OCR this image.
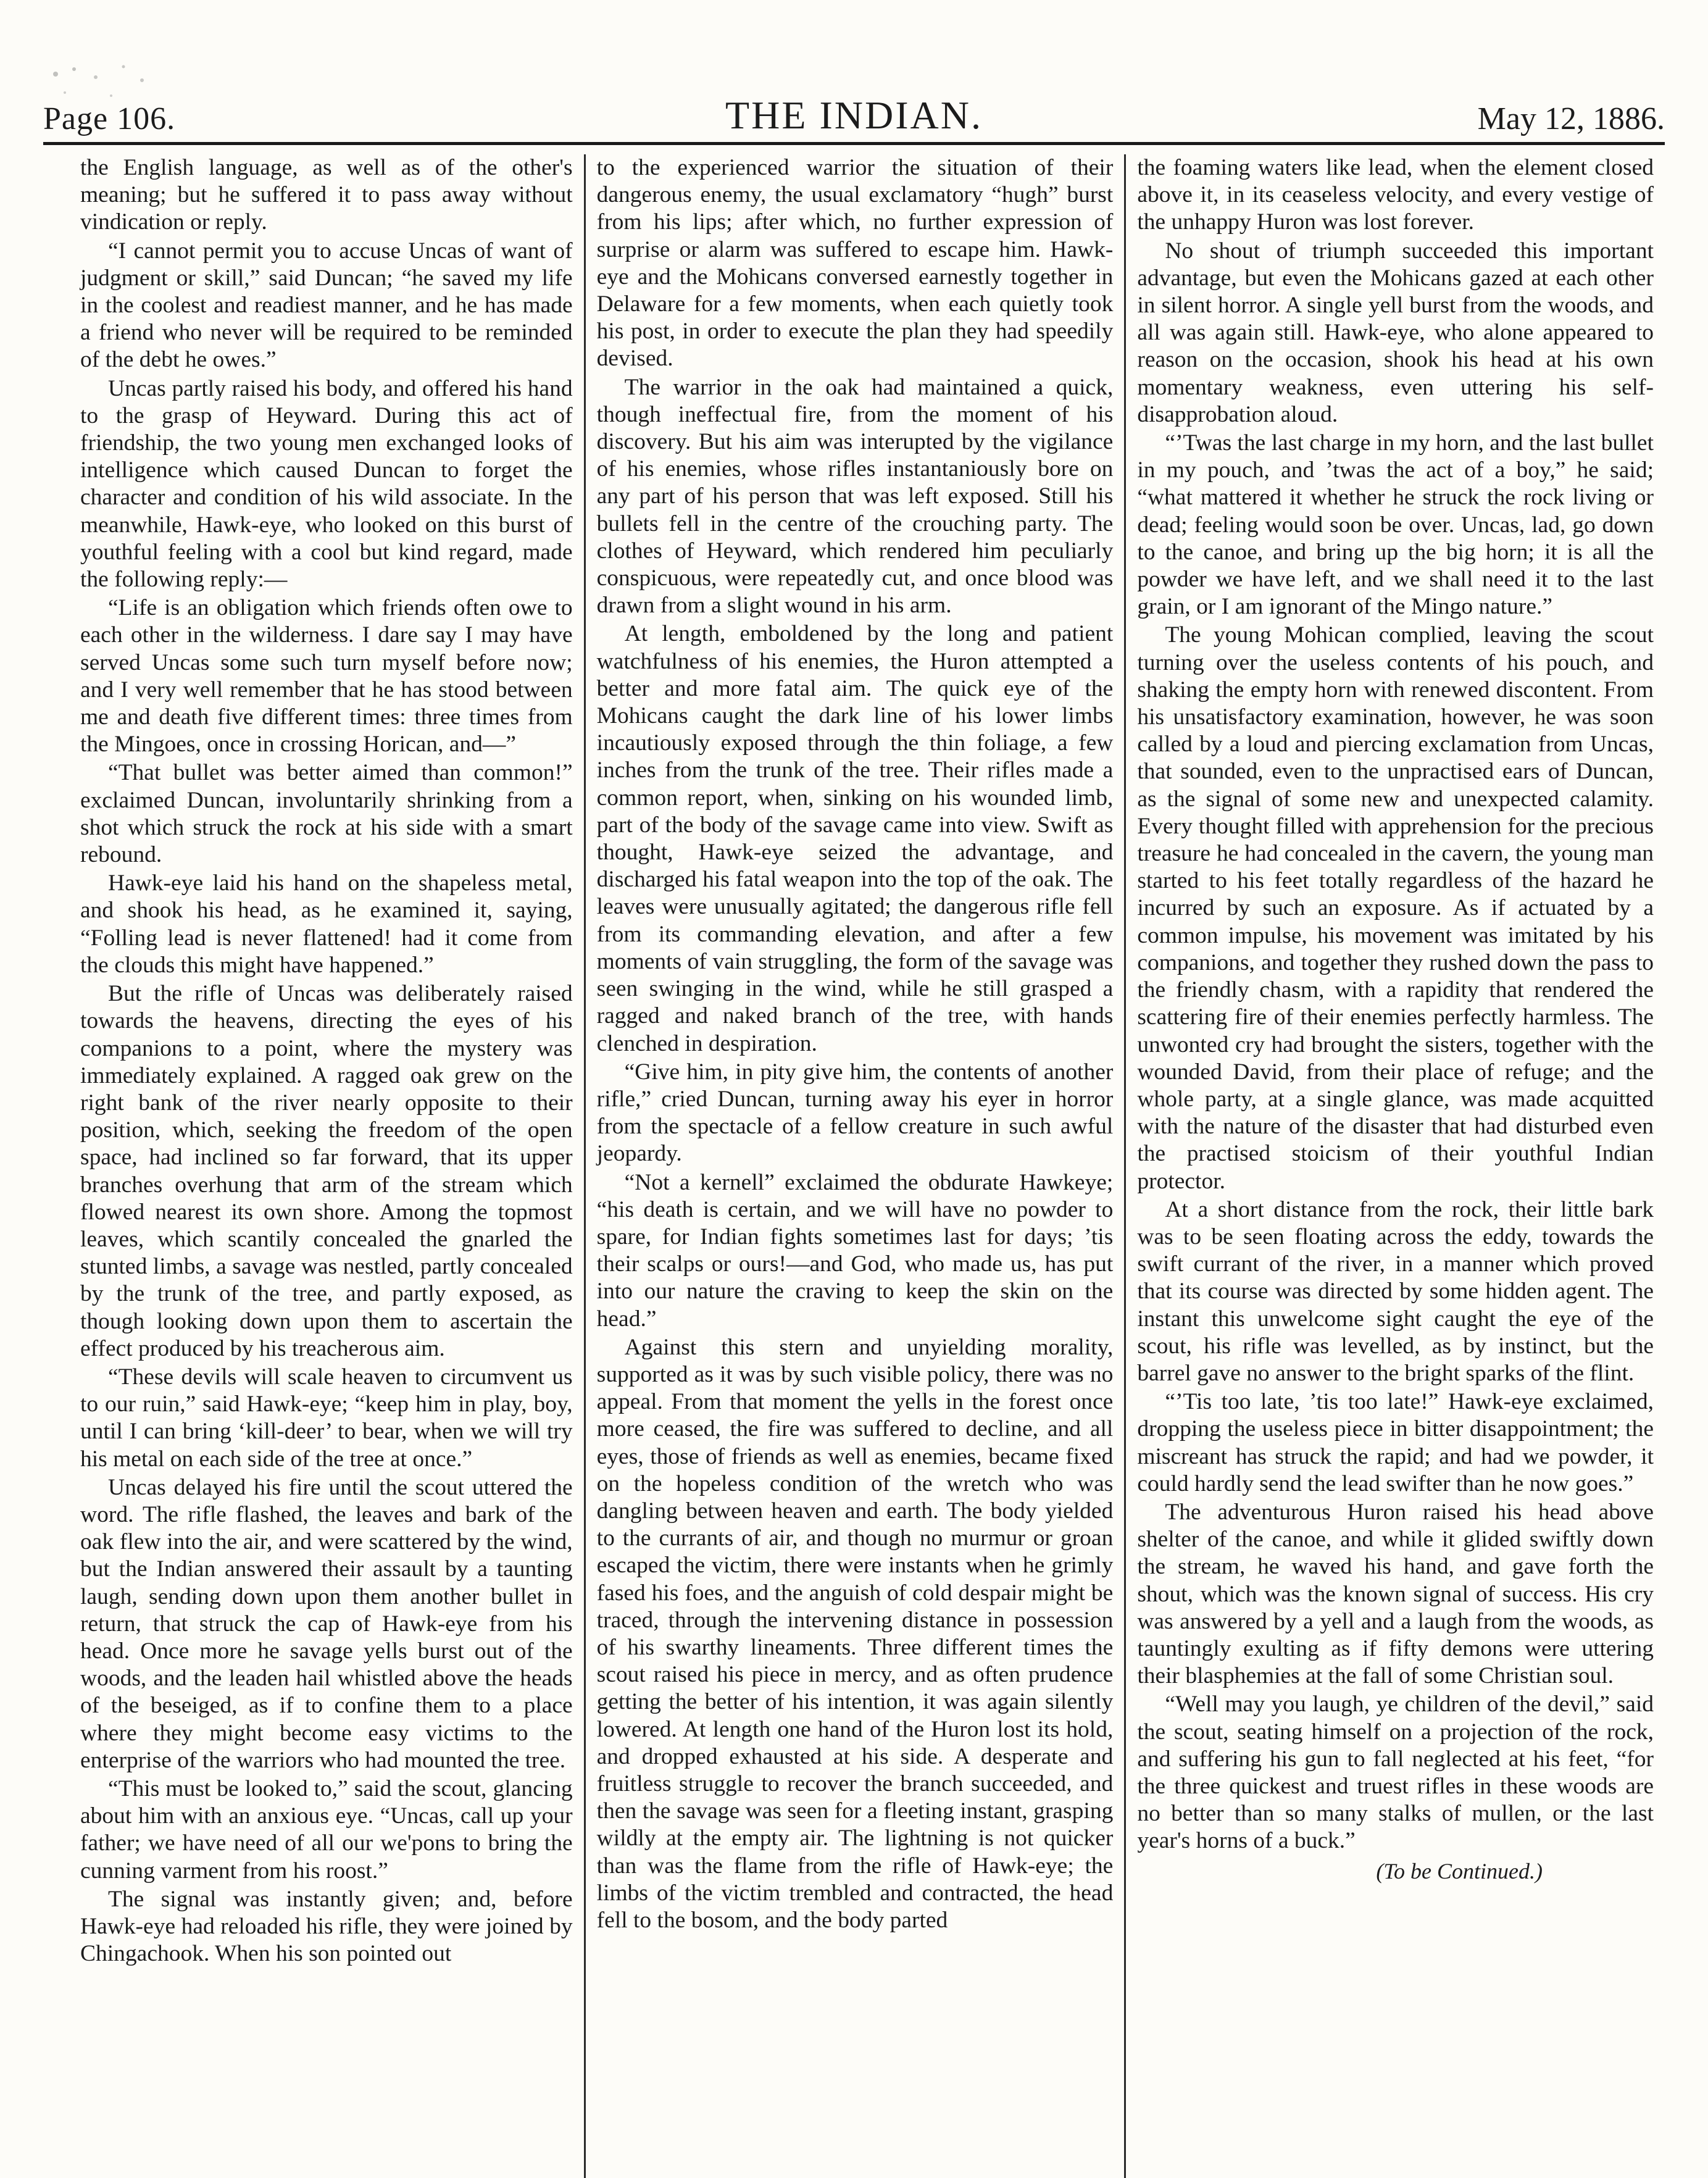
Page 106.	THE INDIAN.	May 12, 1886.

the English language, as well as of the other's meaning; but he suffered it to pass away without vindication or reply.

“I cannot permit you to accuse Uncas of want of judgment or skill,” said Duncan; “he saved my life in the coolest and readiest manner, and he has made a friend who never will be required to be reminded of the debt he owes.”

Uncas partly raised his body, and offered his hand to the grasp of Heyward. During this act of friendship, the two young men exchanged looks of intelligence which caused Duncan to forget the character and condition of his wild associate. In the meanwhile, Hawk-eye, who looked on this burst of youthful feeling with a cool but kind regard, made the following reply:—

“Life is an obligation which friends often owe to each other in the wilderness. I dare say I may have served Uncas some such turn myself before now; and I very well remember that he has stood between me and death five different times: three times from the Mingoes, once in crossing Horican, and—”

“That bullet was better aimed than common!” exclaimed Duncan, involuntarily shrinking from a shot which struck the rock at his side with a smart rebound.

Hawk-eye laid his hand on the shapeless metal, and shook his head, as he examined it, saying, “Folling lead is never flattened! had it come from the clouds this might have happened.”

But the rifle of Uncas was deliberately raised towards the heavens, directing the eyes of his companions to a point, where the mystery was immediately explained. A ragged oak grew on the right bank of the river nearly opposite to their position, which, seeking the freedom of the open space, had inclined so far forward, that its upper branches overhung that arm of the stream which flowed nearest its own shore. Among the topmost leaves, which scantily concealed the gnarled the stunted limbs, a savage was nestled, partly concealed by the trunk of the tree, and partly exposed, as though looking down upon them to ascertain the effect produced by his treacherous aim.

“These devils will scale heaven to circumvent us to our ruin,” said Hawk-eye; “keep him in play, boy, until I can bring ‘kill-deer’ to bear, when we will try his metal on each side of the tree at once.”

Uncas delayed his fire until the scout uttered the word. The rifle flashed, the leaves and bark of the oak flew into the air, and were scattered by the wind, but the Indian answered their assault by a taunting laugh, sending down upon them another bullet in return, that struck the cap of Hawk-eye from his head. Once more he savage yells burst out of the woods, and the leaden hail whistled above the heads of the beseiged, as if to confine them to a place where they might become easy victims to the enterprise of the warriors who had mounted the tree.

“This must be looked to,” said the scout, glancing about him with an anxious eye. “Uncas, call up your father; we have need of all our we'pons to bring the cunning varment from his roost.”

The signal was instantly given; and, before Hawk-eye had reloaded his rifle, they were joined by Chingachook. When his son pointed out

to the experienced warrior the situation of their dangerous enemy, the usual exclamatory “hugh” burst from his lips; after which, no further expression of surprise or alarm was suffered to escape him. Hawk-eye and the Mohicans conversed earnestly together in Delaware for a few moments, when each quietly took his post, in order to execute the plan they had speedily devised.

The warrior in the oak had maintained a quick, though ineffectual fire, from the moment of his discovery. But his aim was interupted by the vigilance of his enemies, whose rifles instantaniously bore on any part of his person that was left exposed. Still his bullets fell in the centre of the crouching party. The clothes of Heyward, which rendered him peculiarly conspicuous, were repeatedly cut, and once blood was drawn from a slight wound in his arm.

At length, emboldened by the long and patient watchfulness of his enemies, the Huron attempted a better and more fatal aim. The quick eye of the Mohicans caught the dark line of his lower limbs incautiously exposed through the thin foliage, a few inches from the trunk of the tree. Their rifles made a common report, when, sinking on his wounded limb, part of the body of the savage came into view. Swift as thought, Hawk-eye seized the advantage, and discharged his fatal weapon into the top of the oak. The leaves were unusually agitated; the dangerous rifle fell from its commanding elevation, and after a few moments of vain struggling, the form of the savage was seen swinging in the wind, while he still grasped a ragged and naked branch of the tree, with hands clenched in despiration.

“Give him, in pity give him, the contents of another rifle,” cried Duncan, turning away his eyer in horror from the spectacle of a fellow creature in such awful jeopardy.

“Not a kernell” exclaimed the obdurate Hawkeye; “his death is certain, and we will have no powder to spare, for Indian fights sometimes last for days; ’tis their scalps or ours!—and God, who made us, has put into our nature the craving to keep the skin on the head.”

Against this stern and unyielding morality, supported as it was by such visible policy, there was no appeal. From that moment the yells in the forest once more ceased, the fire was suffered to decline, and all eyes, those of friends as well as enemies, became fixed on the hopeless condition of the wretch who was dangling between heaven and earth. The body yielded to the currants of air, and though no murmur or groan escaped the victim, there were instants when he grimly fased his foes, and the anguish of cold despair might be traced, through the intervening distance in possession of his swarthy lineaments. Three different times the scout raised his piece in mercy, and as often prudence getting the better of his intention, it was again silently lowered. At length one hand of the Huron lost its hold, and dropped exhausted at his side. A desperate and fruitless struggle to recover the branch succeeded, and then the savage was seen for a fleeting instant, grasping wildly at the empty air. The lightning is not quicker than was the flame from the rifle of Hawk-eye; the limbs of the victim trembled and contracted, the head fell to the bosom, and the body parted

the foaming waters like lead, when the element closed above it, in its ceaseless velocity, and every vestige of the unhappy Huron was lost forever.

No shout of triumph succeeded this important advantage, but even the Mohicans gazed at each other in silent horror. A single yell burst from the woods, and all was again still. Hawk-eye, who alone appeared to reason on the occasion, shook his head at his own momentary weakness, even uttering his self-disapprobation aloud.

“’Twas the last charge in my horn, and the last bullet in my pouch, and ’twas the act of a boy,” he said; “what mattered it whether he struck the rock living or dead; feeling would soon be over. Uncas, lad, go down to the canoe, and bring up the big horn; it is all the powder we have left, and we shall need it to the last grain, or I am ignorant of the Mingo nature.”

The young Mohican complied, leaving the scout turning over the useless contents of his pouch, and shaking the empty horn with renewed discontent. From his unsatisfactory examination, however, he was soon called by a loud and piercing exclamation from Uncas, that sounded, even to the unpractised ears of Duncan, as the signal of some new and unexpected calamity. Every thought filled with apprehension for the precious treasure he had concealed in the cavern, the young man started to his feet totally regardless of the hazard he incurred by such an exposure. As if actuated by a common impulse, his movement was imitated by his companions, and together they rushed down the pass to the friendly chasm, with a rapidity that rendered the scattering fire of their enemies perfectly harmless. The unwonted cry had brought the sisters, together with the wounded David, from their place of refuge; and the whole party, at a single glance, was made acquitted with the nature of the disaster that had disturbed even the practised stoicism of their youthful Indian protector.

At a short distance from the rock, their little bark was to be seen floating across the eddy, towards the swift currant of the river, in a manner which proved that its course was directed by some hidden agent. The instant this unwelcome sight caught the eye of the scout, his rifle was levelled, as by instinct, but the barrel gave no answer to the bright sparks of the flint.

“’Tis too late, ’tis too late!” Hawk-eye exclaimed, dropping the useless piece in bitter disappointment; the miscreant has struck the rapid; and had we powder, it could hardly send the lead swifter than he now goes.”

The adventurous Huron raised his head above shelter of the canoe, and while it glided swiftly down the stream, he waved his hand, and gave forth the shout, which was the known signal of success. His cry was answered by a yell and a laugh from the woods, as tauntingly exulting as if fifty demons were uttering their blasphemies at the fall of some Christian soul.

“Well may you laugh, ye children of the devil,” said the scout, seating himself on a projection of the rock, and suffering his gun to fall neglected at his feet, “for the three quickest and truest rifles in these woods are no better than so many stalks of mullen, or the last year's horns of a buck.”

(To be Continued.)
